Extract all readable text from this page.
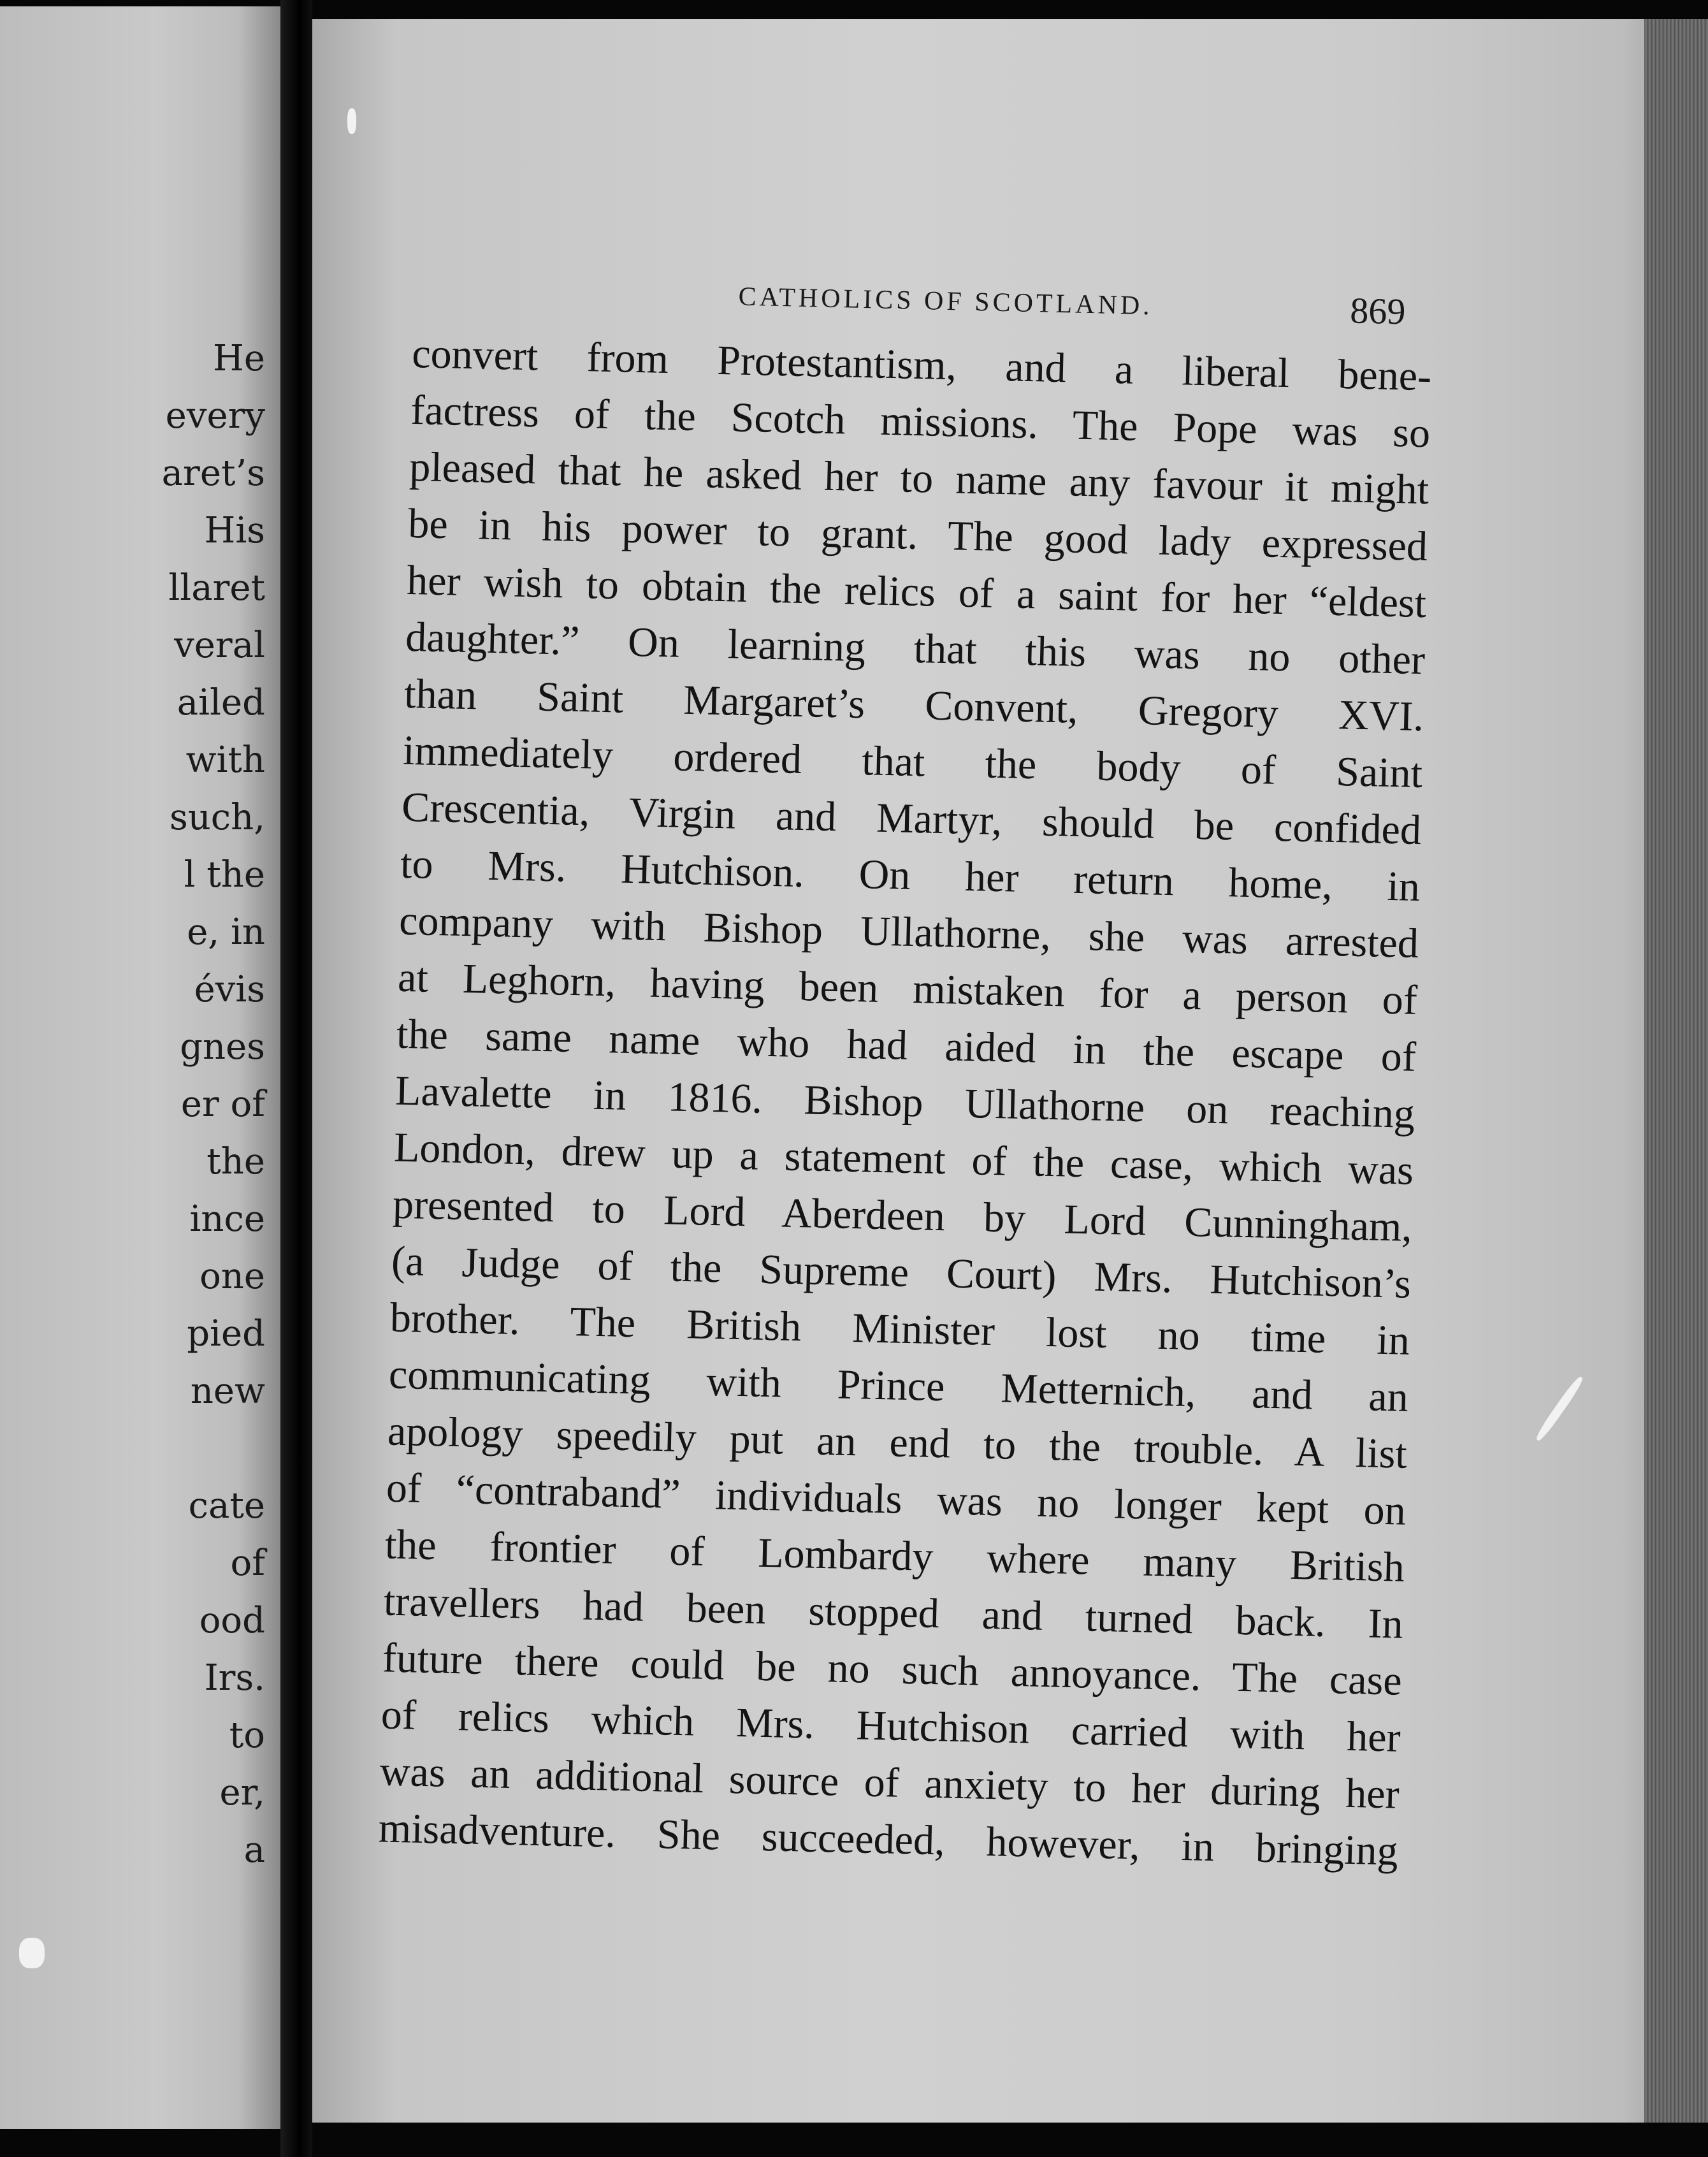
He
every
aret’s
His
llaret
veral
ailed
with
such,
l the
e, in
évis
gnes
er of
the
ince
one
pied
new
cate
of
ood
Irs.
to
er,
a
CATHOLICS OF SCOTLAND.	869
convert from Protestantism, and a liberal bene-
factress of the Scotch missions. The Pope was so
pleased that he asked her to name any favour it might
be in his power to grant. The good lady expressed
her wish to obtain the relics of a saint for her “eldest
daughter.” On learning that this was no other
than Saint Margaret’s Convent, Gregory XVI.
immediately ordered that the body of Saint
Crescentia, Virgin and Martyr, should be confided
to Mrs. Hutchison. On her return home, in
company with Bishop Ullathorne, she was arrested
at Leghorn, having been mistaken for a person of
the same name who had aided in the escape of
Lavalette in 1816. Bishop Ullathorne on reaching
London, drew up a statement of the case, which was
presented to Lord Aberdeen by Lord Cunningham,
(a Judge of the Supreme Court) Mrs. Hutchison’s
brother. The British Minister lost no time in
communicating with Prince Metternich, and an
apology speedily put an end to the trouble. A list
of “contraband” individuals was no longer kept on
the frontier of Lombardy where many British
travellers had been stopped and turned back. In
future there could be no such annoyance. The case
of relics which Mrs. Hutchison carried with her
was an additional source of anxiety to her during her
misadventure. She succeeded, however, in bringing
